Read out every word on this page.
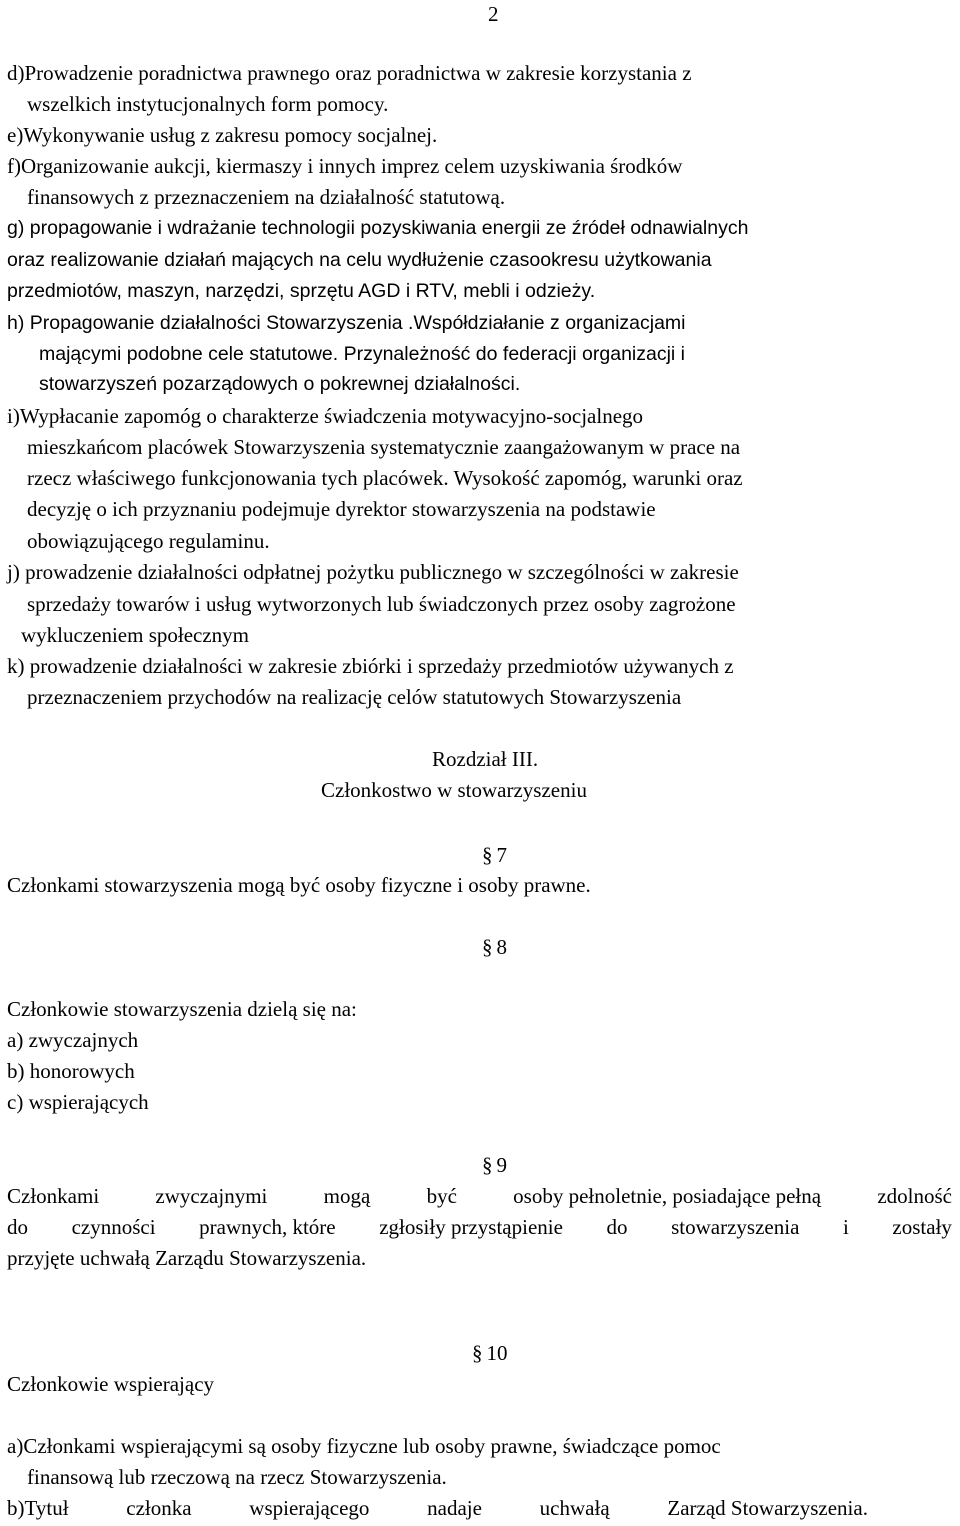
2
d)Prowadzenie poradnictwa prawnego oraz poradnictwa w zakresie korzystania z
wszelkich instytucjonalnych form pomocy.
e)Wykonywanie usług z zakresu pomocy socjalnej.
f)Organizowanie aukcji, kiermaszy i innych imprez celem uzyskiwania środków
finansowych z przeznaczeniem na działalność statutową.
g) propagowanie i wdrażanie technologii pozyskiwania energii ze źródeł odnawialnych
oraz realizowanie działań mających na celu wydłużenie czasookresu użytkowania
przedmiotów, maszyn, narzędzi, sprzętu AGD i RTV, mebli i odzieży.
h) Propagowanie działalności Stowarzyszenia .Współdziałanie z organizacjami
mającymi podobne cele statutowe. Przynależność do federacji organizacji i
stowarzyszeń pozarządowych o pokrewnej działalności.
i)Wypłacanie zapomóg o charakterze świadczenia motywacyjno-socjalnego
mieszkańcom placówek Stowarzyszenia systematycznie zaangażowanym w prace na
rzecz właściwego funkcjonowania tych placówek. Wysokość zapomóg, warunki oraz
decyzję o ich przyznaniu podejmuje dyrektor stowarzyszenia na podstawie
obowiązującego regulaminu.
j) prowadzenie działalności odpłatnej pożytku publicznego w szczególności w zakresie
sprzedaży towarów i usług wytworzonych lub świadczonych przez osoby zagrożone
wykluczeniem społecznym
k) prowadzenie działalności w zakresie zbiórki i sprzedaży przedmiotów używanych z
przeznaczeniem przychodów na realizację celów statutowych Stowarzyszenia
Rozdział III.
Członkostwo w stowarzyszeniu
§ 7
Członkami stowarzyszenia mogą być osoby fizyczne i osoby prawne.
§ 8
Członkowie stowarzyszenia dzielą się na:
a) zwyczajnych
b) honorowych
c) wspierających
§ 9
Członkami	zwyczajnymi	mogą	być	osoby pełnoletnie, posiadające pełną	zdolność
do czynności prawnych, które zgłosiły przystąpienie do stowarzyszenia i zostały
przyjęte uchwałą Zarządu Stowarzyszenia.
§ 10
Członkowie wspierający
a)Członkami wspierającymi są osoby fizyczne lub osoby prawne, świadczące pomoc
finansową lub rzeczową na rzecz Stowarzyszenia.
b)Tytuł	członka	wspierającego	nadaje	uchwałą	Zarząd Stowarzyszenia.
